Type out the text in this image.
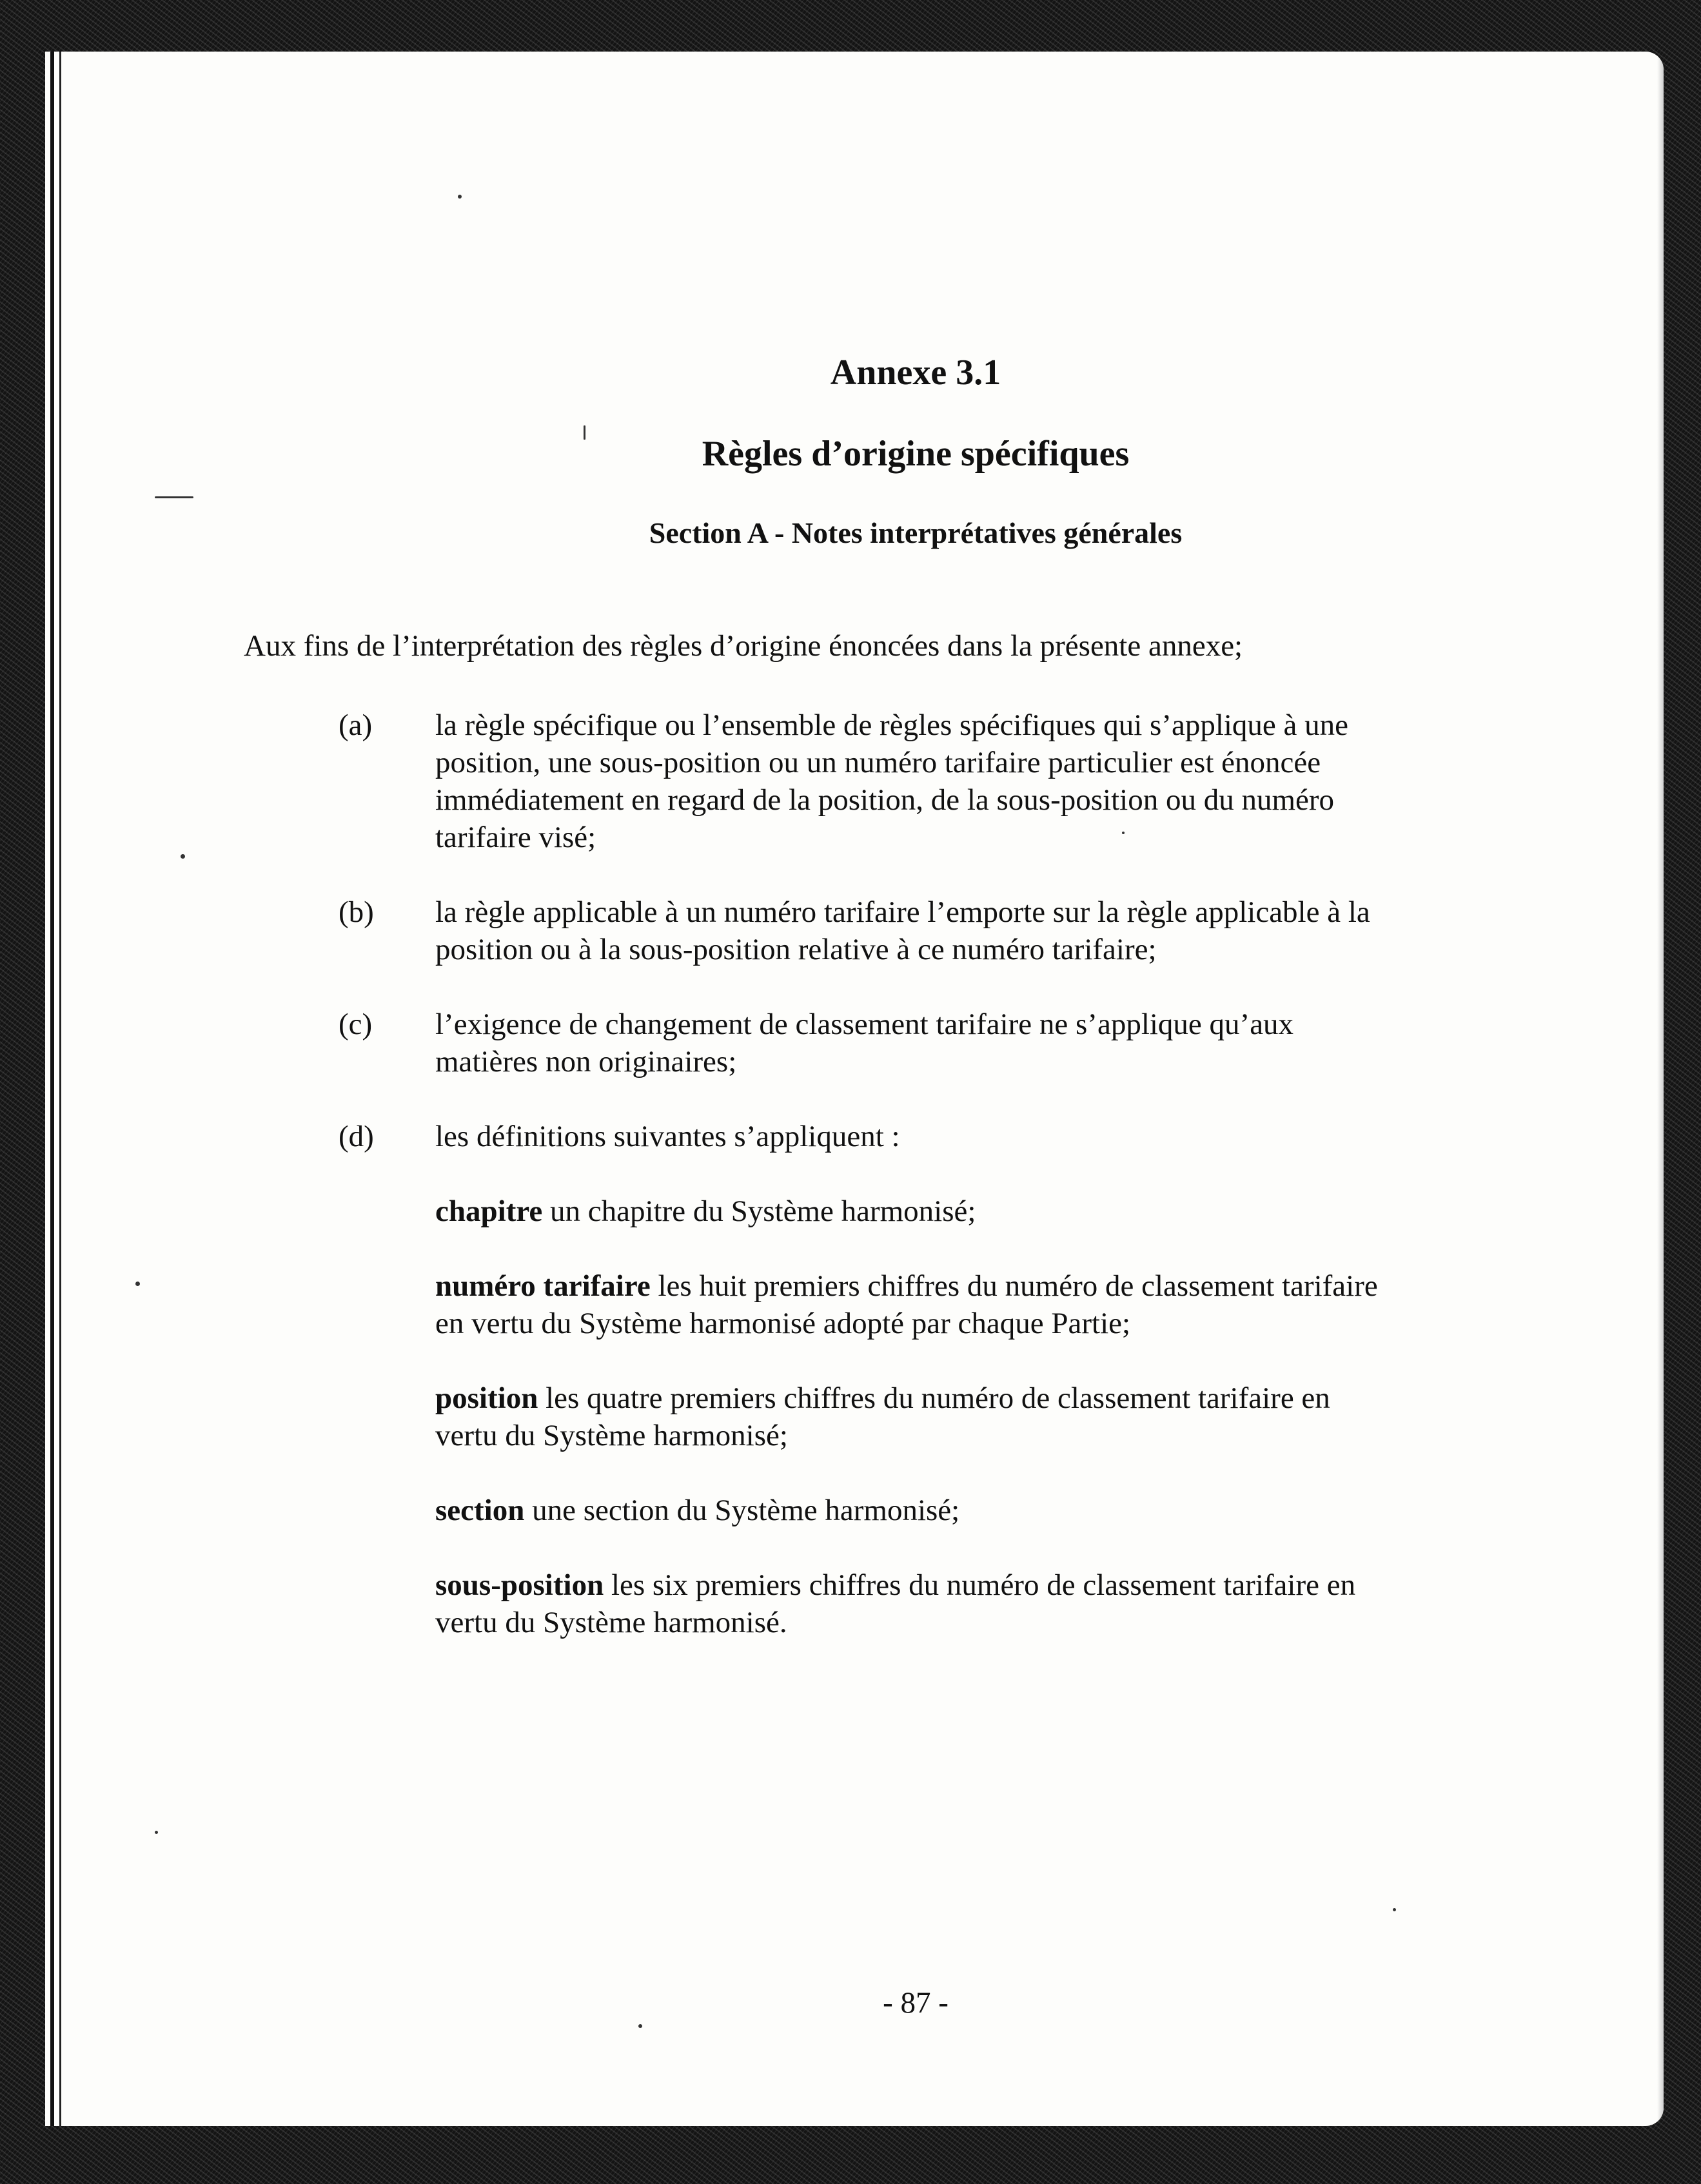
Annexe 3.1
Règles d’origine spécifiques
Section A - Notes interprétatives générales

Aux fins de l’interprétation des règles d’origine énoncées dans la présente annexe;

(a) la règle spécifique ou l’ensemble de règles spécifiques qui s’applique à une
position, une sous-position ou un numéro tarifaire particulier est énoncée
immédiatement en regard de la position, de la sous-position ou du numéro
tarifaire visé;
(b) la règle applicable à un numéro tarifaire l’emporte sur la règle applicable à la
position ou à la sous-position relative à ce numéro tarifaire;
(c) l’exigence de changement de classement tarifaire ne s’applique qu’aux
matières non originaires;
(d) les définitions suivantes s’appliquent :
chapitre un chapitre du Système harmonisé;
numéro tarifaire les huit premiers chiffres du numéro de classement tarifaire
en vertu du Système harmonisé adopté par chaque Partie;
position les quatre premiers chiffres du numéro de classement tarifaire en
vertu du Système harmonisé;
section une section du Système harmonisé;
sous-position les six premiers chiffres du numéro de classement tarifaire en
vertu du Système harmonisé.

- 87 -
